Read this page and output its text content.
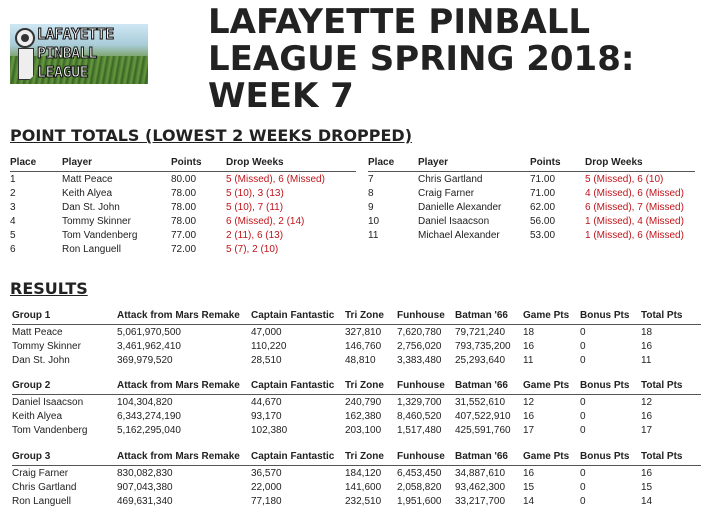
LAFAYETTE
PINBALL
LEAGUE
LAFAYETTE PINBALL LEAGUE SPRING 2018: WEEK 7
POINT TOTALS (LOWEST 2 WEEKS DROPPED)
Place	Player	Points	Drop Weeks
1	Matt Peace	80.00	5 (Missed), 6 (Missed)
2	Keith Alyea	78.00	5 (10), 3 (13)
3	Dan St. John	78.00	5 (10), 7 (11)
4	Tommy Skinner	78.00	6 (Missed), 2 (14)
5	Tom Vandenberg	77.00	2 (11), 6 (13)
6	Ron Languell	72.00	5 (7), 2 (10)
Place	Player	Points	Drop Weeks
7	Chris Gartland	71.00	5 (Missed), 6 (10)
8	Craig Farner	71.00	4 (Missed), 6 (Missed)
9	Danielle Alexander	62.00	6 (Missed), 7 (Missed)
10	Daniel Isaacson	56.00	1 (Missed), 4 (Missed)
11	Michael Alexander	53.00	1 (Missed), 6 (Missed)
RESULTS
Group 1	Attack from Mars Remake	Captain Fantastic	Tri Zone	Funhouse	Batman '66	Game Pts	Bonus Pts	Total Pts
Matt Peace	5,061,970,500	47,000	327,810	7,620,780	79,721,240	18	0	18
Tommy Skinner	3,461,962,410	110,220	146,760	2,756,020	793,735,200	16	0	16
Dan St. John	369,979,520	28,510	48,810	3,383,480	25,293,640	11	0	11
Group 2	Attack from Mars Remake	Captain Fantastic	Tri Zone	Funhouse	Batman '66	Game Pts	Bonus Pts	Total Pts
Daniel Isaacson	104,304,820	44,670	240,790	1,329,700	31,552,610	12	0	12
Keith Alyea	6,343,274,190	93,170	162,380	8,460,520	407,522,910	16	0	16
Tom Vandenberg	5,162,295,040	102,380	203,100	1,517,480	425,591,760	17	0	17
Group 3	Attack from Mars Remake	Captain Fantastic	Tri Zone	Funhouse	Batman '66	Game Pts	Bonus Pts	Total Pts
Craig Farner	830,082,830	36,570	184,120	6,453,450	34,887,610	16	0	16
Chris Gartland	907,043,380	22,000	141,600	2,058,820	93,462,300	15	0	15
Ron Languell	469,631,340	77,180	232,510	1,951,600	33,217,700	14	0	14
